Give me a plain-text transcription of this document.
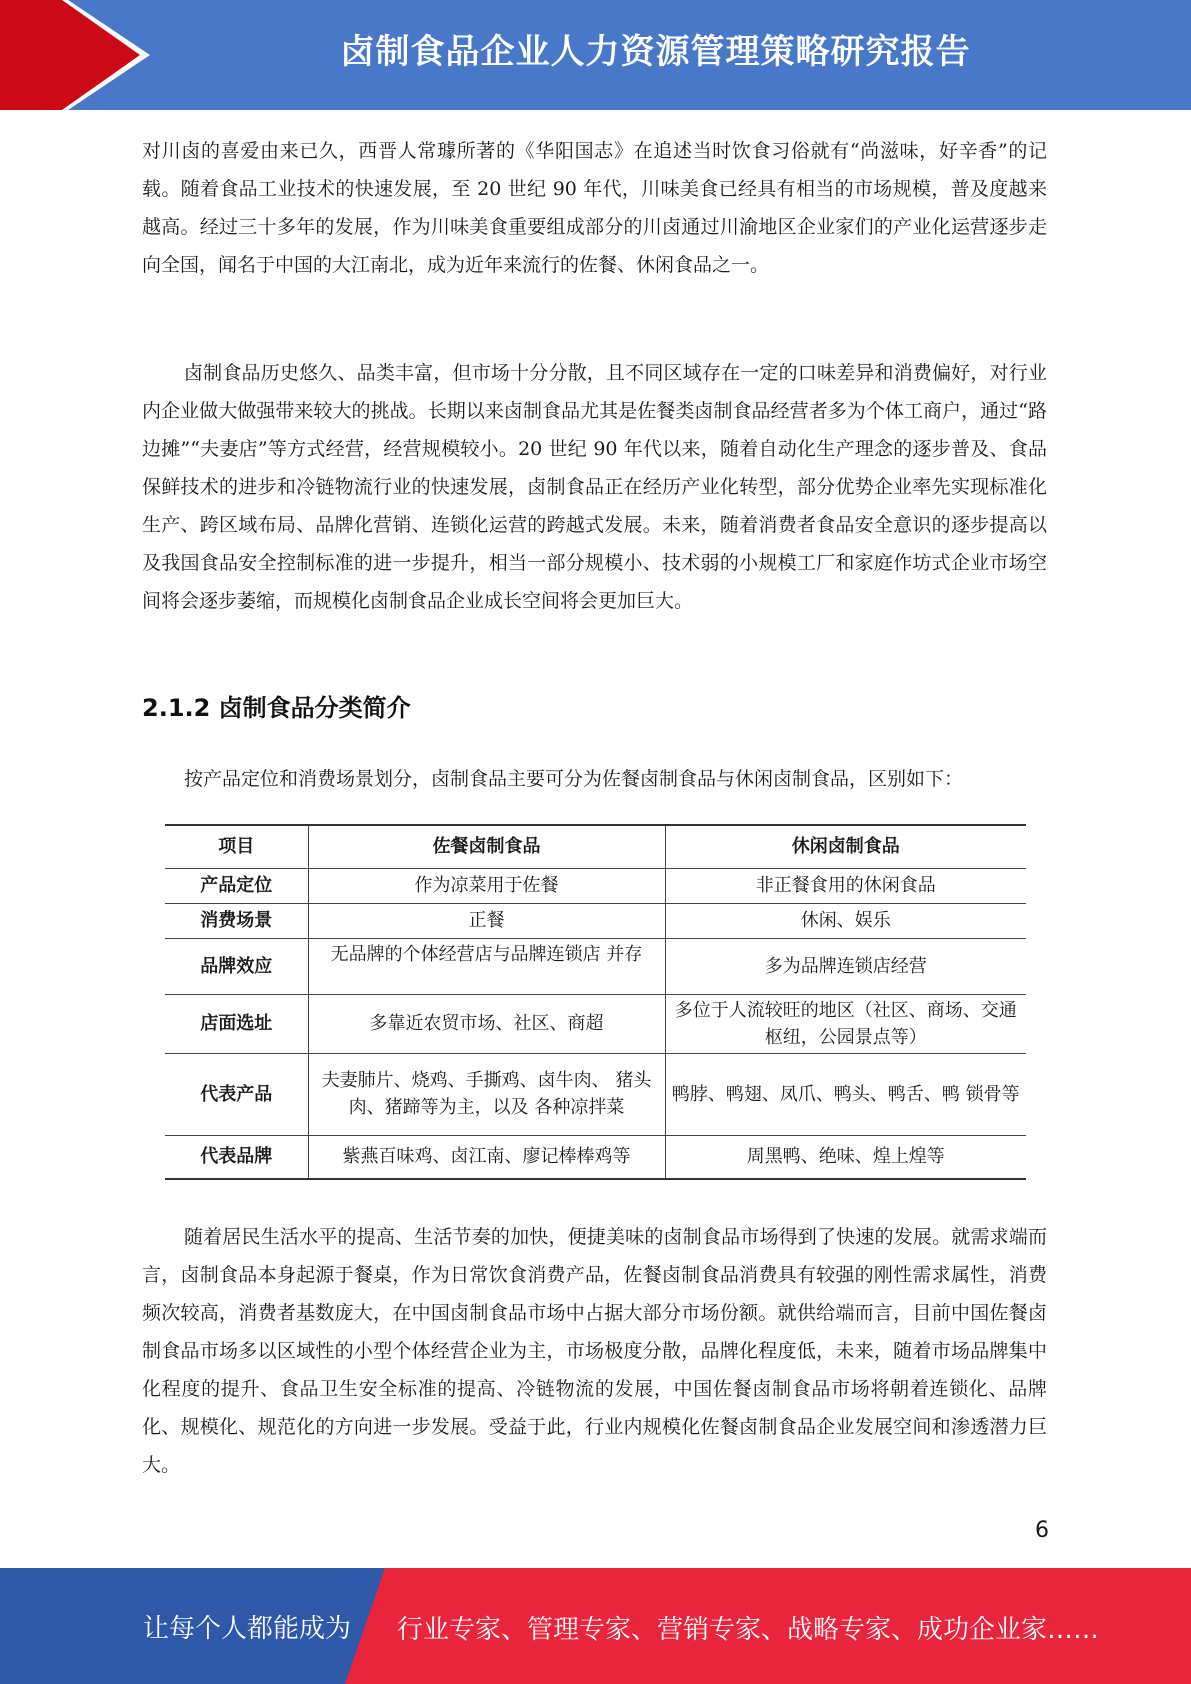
卤制食品企业人力资源管理策略研究报告

对川卤的喜爱由来已久，西晋人常璩所著的《华阳国志》在追述当时饮食习俗就有“尚滋味，好辛香”的记载。随着食品工业技术的快速发展，至 20 世纪 90 年代，川味美食已经具有相当的市场规模，普及度越来越高。经过三十多年的发展，作为川味美食重要组成部分的川卤通过川渝地区企业家们的产业化运营逐步走向全国，闻名于中国的大江南北，成为近年来流行的佐餐、休闲食品之一。

卤制食品历史悠久、品类丰富，但市场十分分散，且不同区域存在一定的口味差异和消费偏好，对行业内企业做大做强带来较大的挑战。长期以来卤制食品尤其是佐餐类卤制食品经营者多为个体工商户，通过“路边摊”“夫妻店”等方式经营，经营规模较小。20 世纪 90 年代以来，随着自动化生产理念的逐步普及、食品保鲜技术的进步和冷链物流行业的快速发展，卤制食品正在经历产业化转型，部分优势企业率先实现标准化生产、跨区域布局、品牌化营销、连锁化运营的跨越式发展。未来，随着消费者食品安全意识的逐步提高以及我国食品安全控制标准的进一步提升，相当一部分规模小、技术弱的小规模工厂和家庭作坊式企业市场空间将会逐步萎缩，而规模化卤制食品企业成长空间将会更加巨大。

2.1.2 卤制食品分类简介

按产品定位和消费场景划分，卤制食品主要可分为佐餐卤制食品与休闲卤制食品，区别如下：

项目	佐餐卤制食品	休闲卤制食品
产品定位	作为凉菜用于佐餐	非正餐食用的休闲食品
消费场景	正餐	休闲、娱乐
品牌效应	无品牌的个体经营店与品牌连锁店 并存	多为品牌连锁店经营
店面选址	多靠近农贸市场、社区、商超	多位于人流较旺的地区（社区、商场、交通枢纽，公园景点等）
代表产品	夫妻肺片、烧鸡、手撕鸡、卤牛肉、 猪头肉、猪蹄等为主，以及 各种凉拌菜	鸭脖、鸭翅、凤爪、鸭头、鸭舌、鸭 锁骨等
代表品牌	紫燕百味鸡、卤江南、廖记棒棒鸡等	周黑鸭、绝味、煌上煌等

随着居民生活水平的提高、生活节奏的加快，便捷美味的卤制食品市场得到了快速的发展。就需求端而言，卤制食品本身起源于餐桌，作为日常饮食消费产品，佐餐卤制食品消费具有较强的刚性需求属性，消费频次较高，消费者基数庞大，在中国卤制食品市场中占据大部分市场份额。就供给端而言，目前中国佐餐卤制食品市场多以区域性的小型个体经营企业为主，市场极度分散，品牌化程度低，未来，随着市场品牌集中化程度的提升、食品卫生安全标准的提高、冷链物流的发展，中国佐餐卤制食品市场将朝着连锁化、品牌化、规模化、规范化的方向进一步发展。受益于此，行业内规模化佐餐卤制食品企业发展空间和渗透潜力巨大。

6
让每个人都能成为 行业专家、管理专家、营销专家、战略专家、成功企业家……
